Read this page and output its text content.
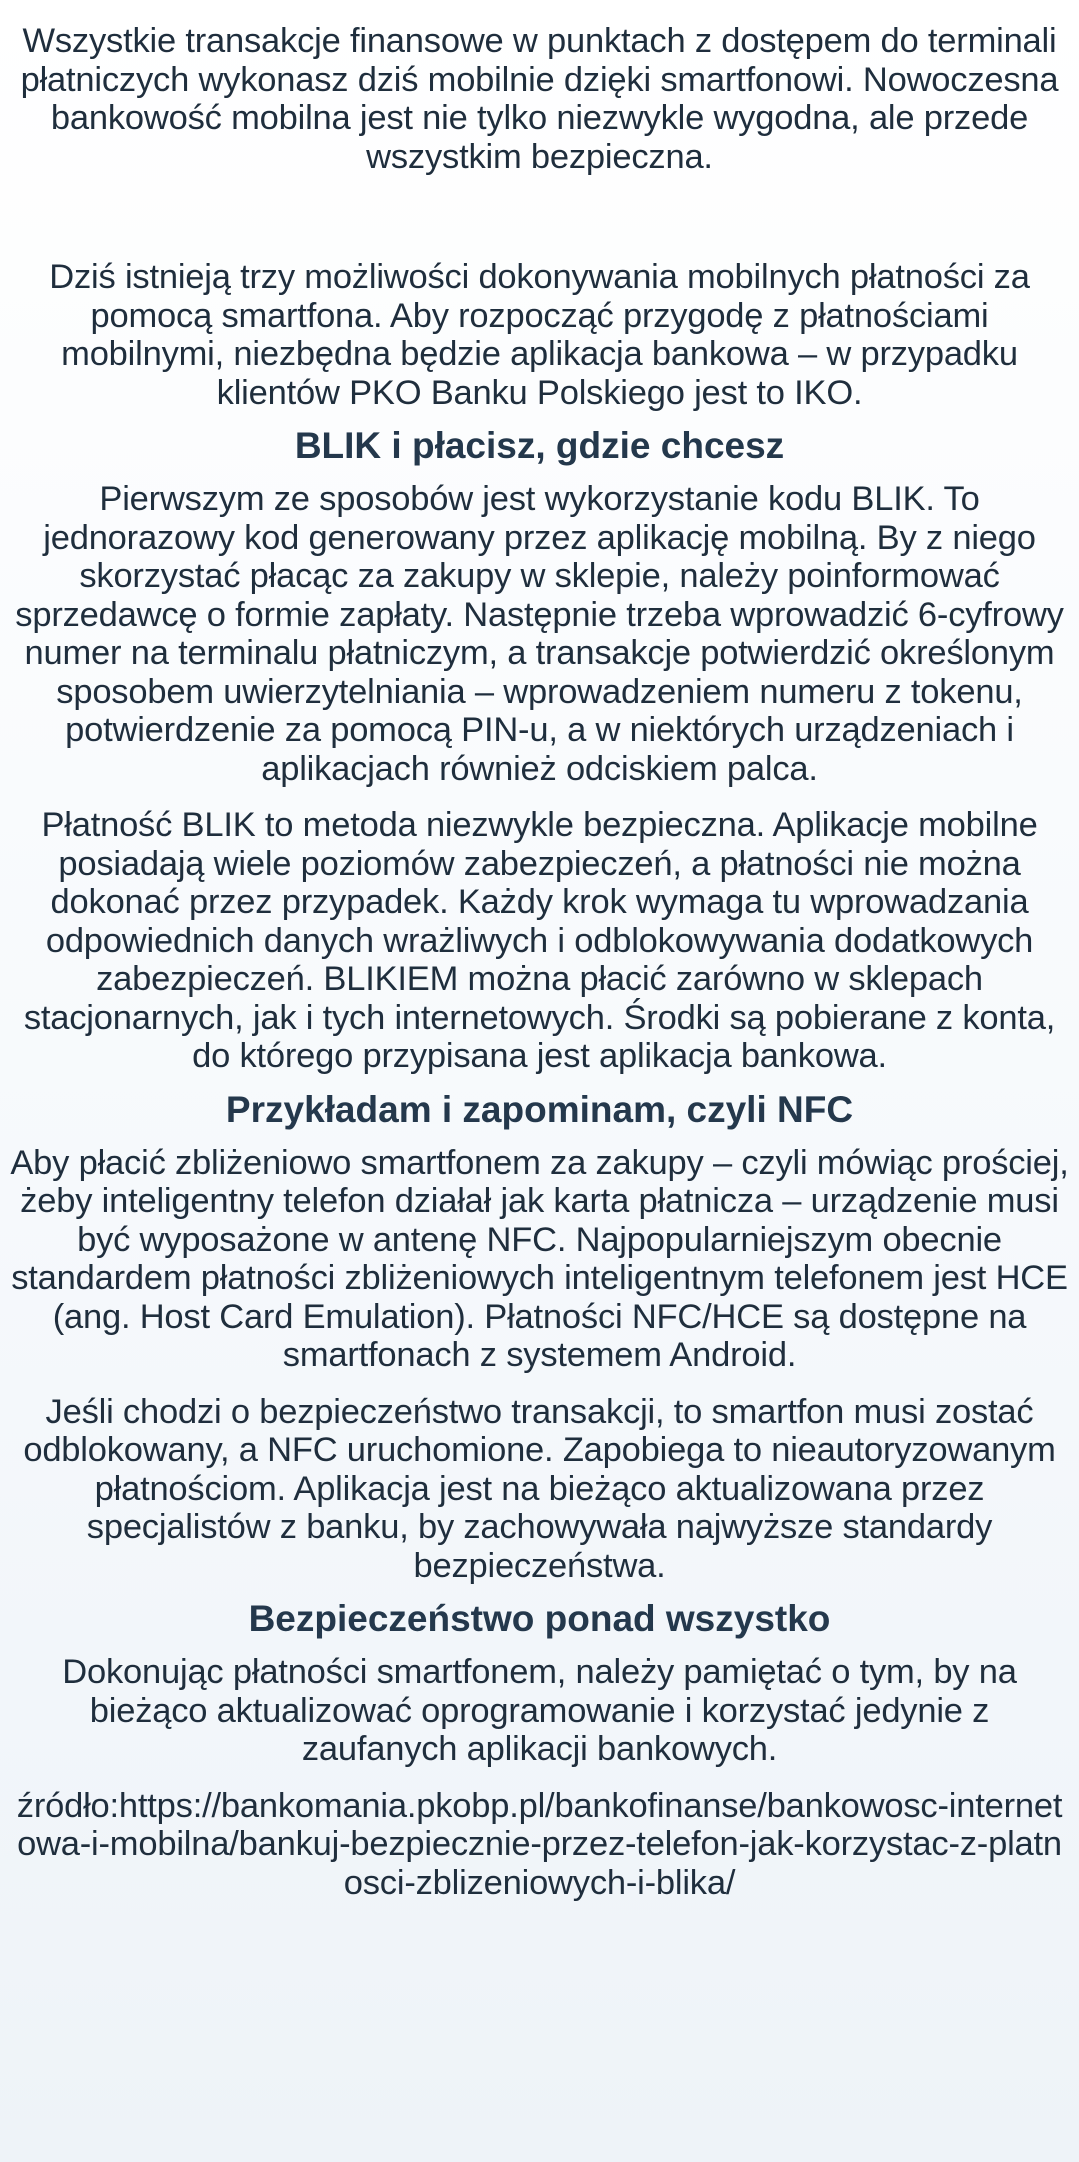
Wszystkie transakcje finansowe w punktach z dostępem do terminali płatniczych wykonasz dziś mobilnie dzięki smartfonowi. Nowoczesna bankowość mobilna jest nie tylko niezwykle wygodna, ale przede wszystkim bezpieczna.

Dziś istnieją trzy możliwości dokonywania mobilnych płatności za pomocą smartfona. Aby rozpocząć przygodę z płatnościami mobilnymi, niezbędna będzie aplikacja bankowa – w przypadku klientów PKO Banku Polskiego jest to IKO.

BLIK i płacisz, gdzie chcesz

Pierwszym ze sposobów jest wykorzystanie kodu BLIK. To jednorazowy kod generowany przez aplikację mobilną. By z niego skorzystać płacąc za zakupy w sklepie, należy poinformować sprzedawcę o formie zapłaty. Następnie trzeba wprowadzić 6-cyfrowy numer na terminalu płatniczym, a transakcje potwierdzić określonym sposobem uwierzytelniania – wprowadzeniem numeru z tokenu, potwierdzenie za pomocą PIN-u, a w niektórych urządzeniach i aplikacjach również odciskiem palca.

Płatność BLIK to metoda niezwykle bezpieczna. Aplikacje mobilne posiadają wiele poziomów zabezpieczeń, a płatności nie można dokonać przez przypadek. Każdy krok wymaga tu wprowadzania odpowiednich danych wrażliwych i odblokowywania dodatkowych zabezpieczeń. BLIKIEM można płacić zarówno w sklepach stacjonarnych, jak i tych internetowych. Środki są pobierane z konta, do którego przypisana jest aplikacja bankowa.

Przykładam i zapominam, czyli NFC

Aby płacić zbliżeniowo smartfonem za zakupy – czyli mówiąc prościej, żeby inteligentny telefon działał jak karta płatnicza – urządzenie musi być wyposażone w antenę NFC. Najpopularniejszym obecnie standardem płatności zbliżeniowych inteligentnym telefonem jest HCE (ang. Host Card Emulation). Płatności NFC/HCE są dostępne na smartfonach z systemem Android.

Jeśli chodzi o bezpieczeństwo transakcji, to smartfon musi zostać odblokowany, a NFC uruchomione. Zapobiega to nieautoryzowanym płatnościom. Aplikacja jest na bieżąco aktualizowana przez specjalistów z banku, by zachowywała najwyższe standardy bezpieczeństwa.

Bezpieczeństwo ponad wszystko

Dokonując płatności smartfonem, należy pamiętać o tym, by na bieżąco aktualizować oprogramowanie i korzystać jedynie z zaufanych aplikacji bankowych.

źródło:https://bankomania.pkobp.pl/bankofinanse/bankowosc-internetowa-i-mobilna/bankuj-bezpiecznie-przez-telefon-jak-korzystac-z-platnosci-zblizeniowych-i-blika/
